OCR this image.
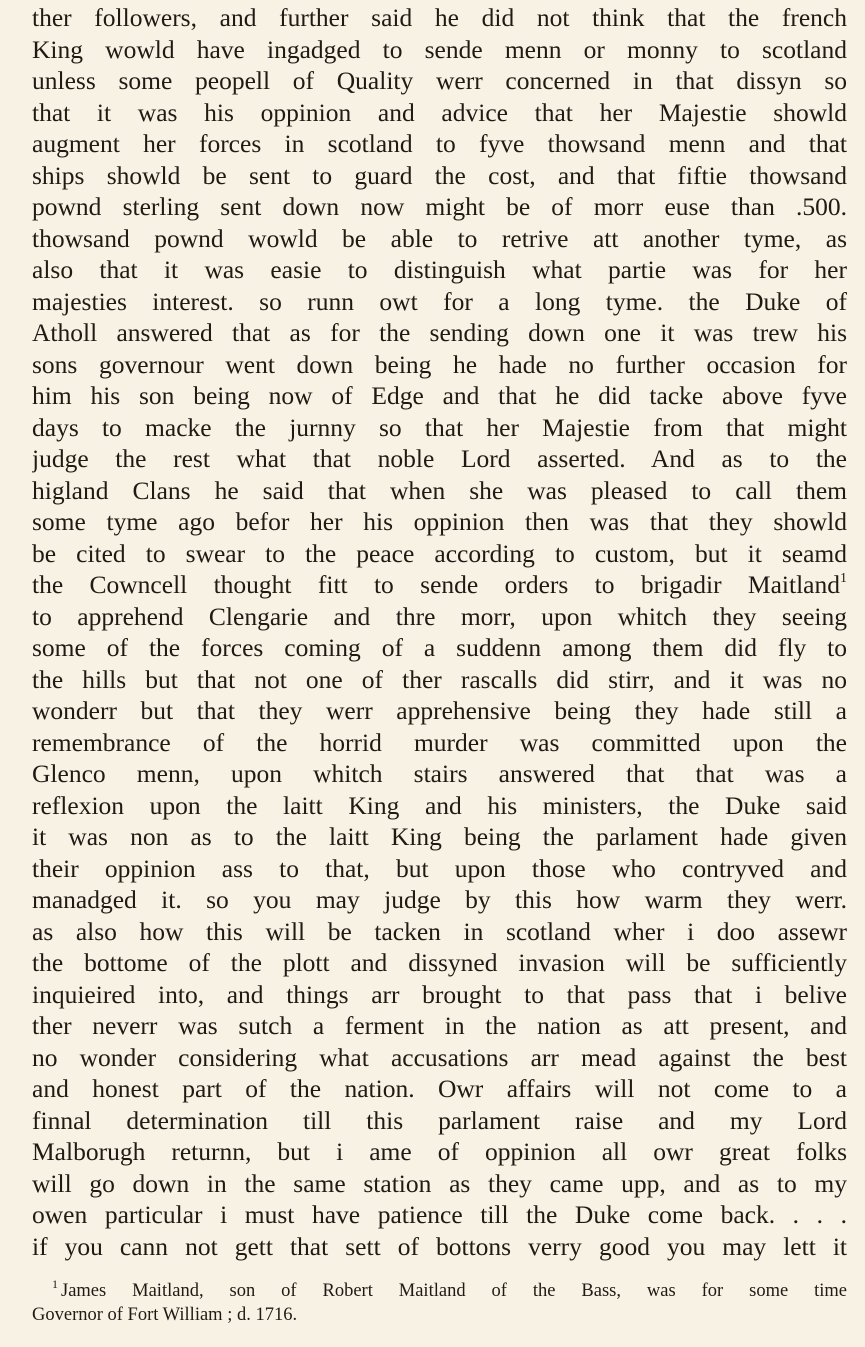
ther followers, and further said he did not think that the french
King wowld have ingadged to sende menn or monny to scotland
unless some peopell of Quality werr concerned in that dissyn so
that it was his oppinion and advice that her Majestie showld
augment her forces in scotland to fyve thowsand menn and that
ships showld be sent to guard the cost, and that fiftie thowsand
pownd sterling sent down now might be of morr euse than .500.
thowsand pownd wowld be able to retrive att another tyme, as
also that it was easie to distinguish what partie was for her
majesties interest. so runn owt for a long tyme. the Duke of
Atholl answered that as for the sending down one it was trew his
sons governour went down being he hade no further occasion for
him his son being now of Edge and that he did tacke above fyve
days to macke the jurnny so that her Majestie from that might
judge the rest what that noble Lord asserted. And as to the
higland Clans he said that when she was pleased to call them
some tyme ago befor her his oppinion then was that they showld
be cited to swear to the peace according to custom, but it seamd
the Cowncell thought fitt to sende orders to brigadir Maitland$^1$
to apprehend Clengarie and thre morr, upon whitch they seeing
some of the forces coming of a suddenn among them did fly to
the hills but that not one of ther rascalls did stirr, and it was no
wonderr but that they werr apprehensive being they hade still a
remembrance of the horrid murder was committed upon the
Glenco menn, upon whitch stairs answered that that was a
reflexion upon the laitt King and his ministers, the Duke said
it was non as to the laitt King being the parlament hade given
their oppinion ass to that, but upon those who contryved and
manadged it. so you may judge by this how warm they werr.
as also how this will be tacken in scotland wher i doo assewr
the bottome of the plott and dissyned invasion will be sufficiently
inquieired into, and things arr brought to that pass that i belive
ther neverr was sutch a ferment in the nation as att present, and
no wonder considering what accusations arr mead against the best
and honest part of the nation. Owr affairs will not come to a
finnal determination till this parlament raise and my Lord
Malborugh returnn, but i ame of oppinion all owr great folks
will go down in the same station as they came upp, and as to my
owen particular i must have patience till the Duke come back. . . .
if you cann not gett that sett of bottons verry good you may lett it
$^1$ James Maitland, son of Robert Maitland of the Bass, was for some time
Governor of Fort William ; d. 1716.
